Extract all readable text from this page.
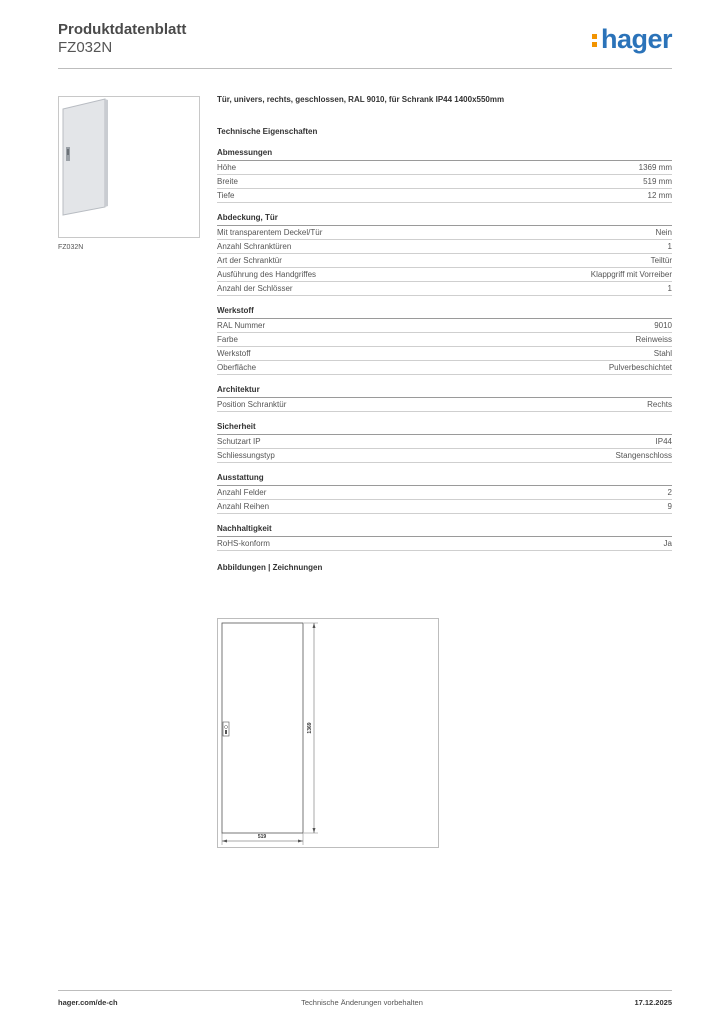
Produktdatenblatt
FZ032N	hager
FZ032N
Tür, univers, rechts, geschlossen, RAL 9010, für Schrank IP44 1400x550mm
Technische Eigenschaften
Abmessungen
Höhe	1369 mm
Breite	519 mm
Tiefe	12 mm
Abdeckung, Tür
Mit transparentem Deckel/Tür	Nein
Anzahl Schranktüren	1
Art der Schranktür	Teiltür
Ausführung des Handgriffes	Klappgriff mit Vorreiber
Anzahl der Schlösser	1
Werkstoff
RAL Nummer	9010
Farbe	Reinweiss
Werkstoff	Stahl
Oberfläche	Pulverbeschichtet
Architektur
Position Schranktür	Rechts
Sicherheit
Schutzart IP	IP44
Schliessungstyp	Stangenschloss
Ausstattung
Anzahl Felder	2
Anzahl Reihen	9
Nachhaltigkeit
RoHS-konform	Ja
Abbildungen | Zeichnungen
1369
519
hager.com/de-ch	Technische Änderungen vorbehalten	17.12.2025
